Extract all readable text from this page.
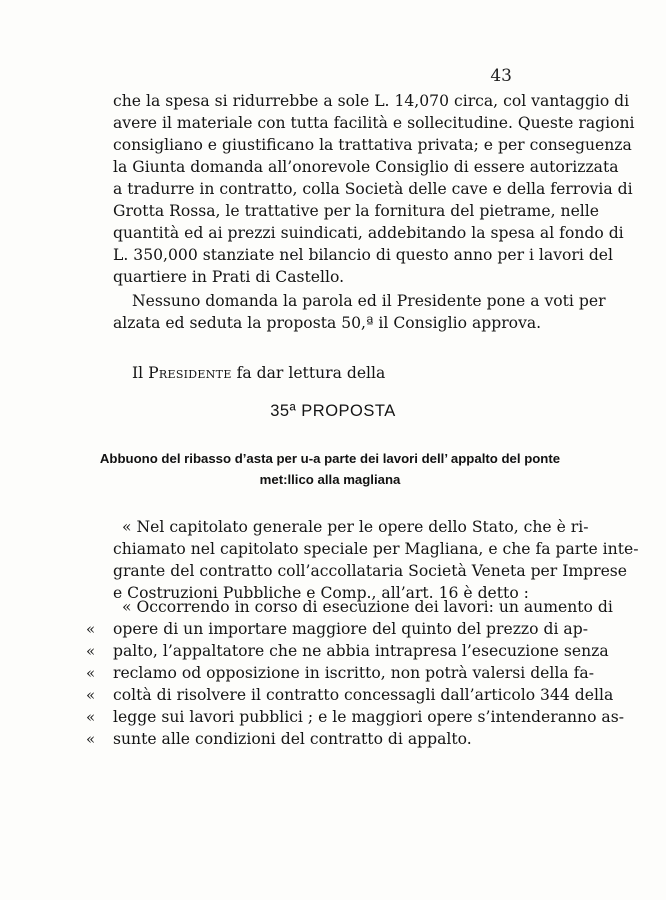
43
che la spesa si ridurrebbe a sole L. 14,070 circa, col vantaggio di
avere il materiale con tutta facilità e sollecitudine. Queste ragioni
consigliano e giustificano la trattativa privata; e per conseguenza
la Giunta domanda all’onorevole Consiglio di essere autorizzata
a tradurre in contratto, colla Società delle cave e della ferrovia di
Grotta Rossa, le trattative per la fornitura del pietrame, nelle
quantità ed ai prezzi suindicati, addebitando la spesa al fondo di
L. 350,000 stanziate nel bilancio di questo anno per i lavori del
quartiere in Prati di Castello.
Nessuno domanda la parola ed il Presidente pone a voti per
alzata ed seduta la proposta 50,ª il Consiglio approva.
Il Presidente fa dar lettura della
35ª PROPOSTA
Abbuono del ribasso d’asta per u-a parte dei lavori dell’ appalto del ponte
met:llico alla magliana
« Nel capitolato generale per le opere dello Stato, che è ri-
chiamato nel capitolato speciale per Magliana, e che fa parte inte-
grante del contratto coll’accollataria Società Veneta per Imprese
e Costruzioni Pubbliche e Comp., all’art. 16 è detto :
« Occorrendo in corso di esecuzione dei lavori: un aumento di
« opere di un importare maggiore del quinto del prezzo di ap-
« palto, l’appaltatore che ne abbia intrapresa l’esecuzione senza
« reclamo od opposizione in iscritto, non potrà valersi della fa-
« coltà di risolvere il contratto concessagli dall’articolo 344 della
« legge sui lavori pubblici ; e le maggiori opere s’intenderanno as-
« sunte alle condizioni del contratto di appalto.
